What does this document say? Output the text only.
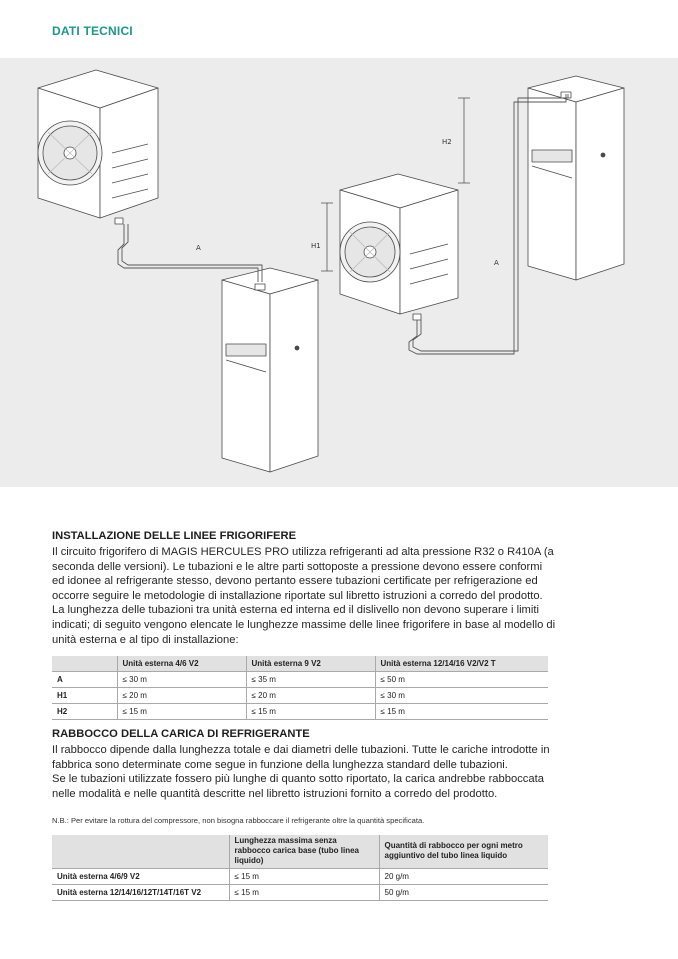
DATI TECNICI
A	H1
H2
A
INSTALLAZIONE DELLE LINEE FRIGORIFERE

Il circuito frigorifero di MAGIS HERCULES PRO utilizza refrigeranti ad alta pressione R32 o R410A (a

seconda delle versioni). Le tubazioni e le altre parti sottoposte a pressione devono essere conformi

ed idonee al refrigerante stesso, devono pertanto essere tubazioni certificate per refrigerazione ed

occorre seguire le metodologie di installazione riportate sul libretto istruzioni a corredo del prodotto.

La lunghezza delle tubazioni tra unità esterna ed interna ed il dislivello non devono superare i limiti

indicati; di seguito vengono elencate le lunghezze massime delle linee frigorifere in base al modello di

unità esterna e al tipo di installazione:

	Unità esterna 4/6 V2	Unità esterna 9 V2	Unità esterna 12/14/16 V2/V2 T
A	≤ 30 m	≤ 35 m	≤ 50 m
H1	≤ 20 m	≤ 20 m	≤ 30 m
H2	≤ 15 m	≤ 15 m	≤ 15 m
RABBOCCO DELLA CARICA DI REFRIGERANTE

Il rabbocco dipende dalla lunghezza totale e dai diametri delle tubazioni. Tutte le cariche introdotte in

fabbrica sono determinate come segue in funzione della lunghezza standard delle tubazioni.

Se le tubazioni utilizzate fossero più lunghe di quanto sotto riportato, la carica andrebbe rabboccata

nelle modalità e nelle quantità descritte nel libretto istruzioni fornito a corredo del prodotto.

N.B.: Per evitare la rottura del compressore, non bisogna rabboccare il refrigerante oltre la quantità specificata.
	Lunghezza massima senza rabbocco carica base (tubo linea liquido)	Quantità di rabbocco per ogni metro aggiuntivo del tubo linea liquido
Unità esterna 4/6/9 V2	≤ 15 m	20 g/m
Unità esterna 12/14/16/12T/14T/16T V2	≤ 15 m	50 g/m
